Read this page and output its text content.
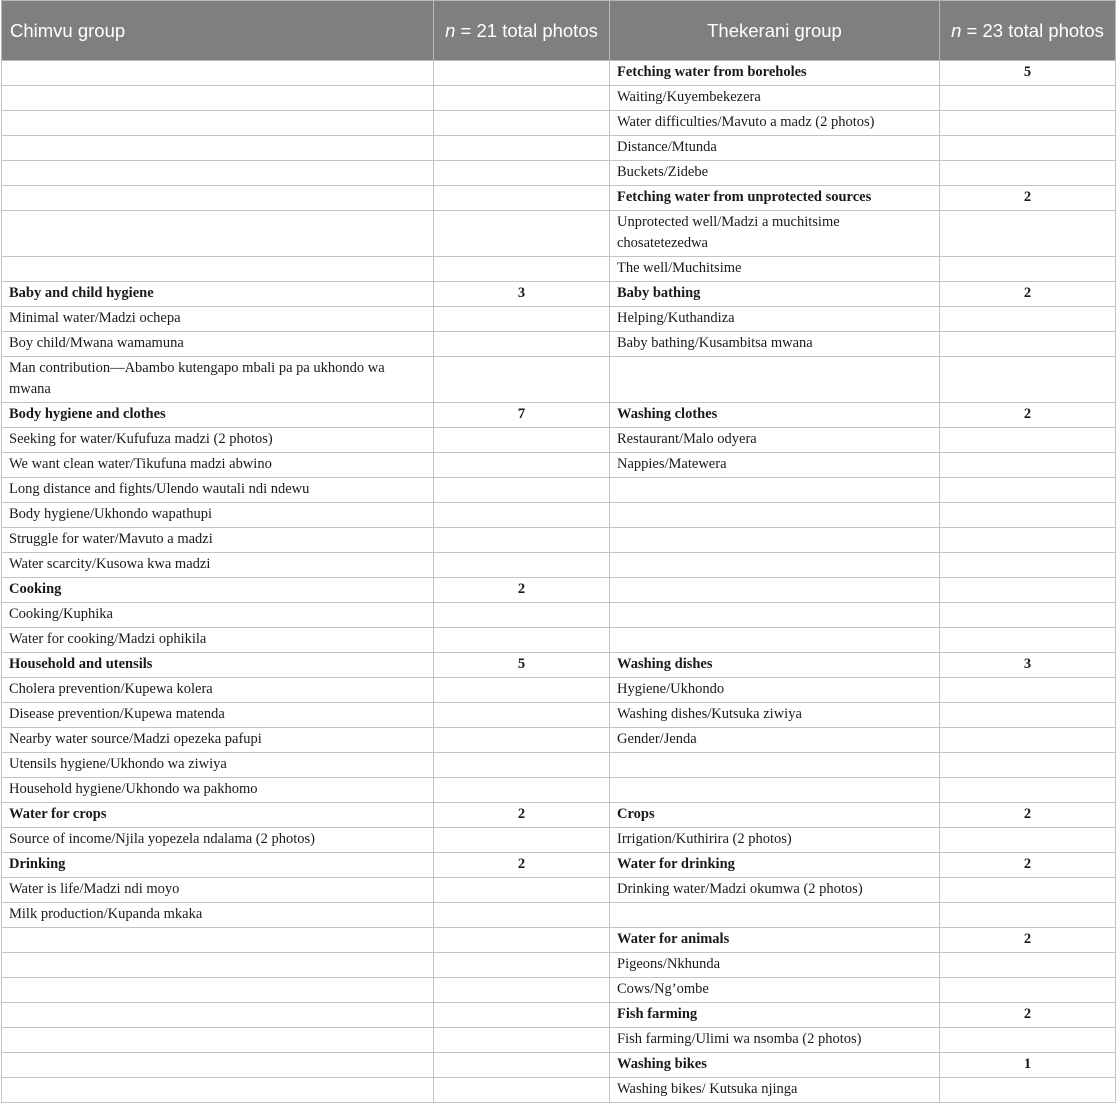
Chimvu group	n = 21 total photos	Thekerani group	n = 23 total photos
		Fetching water from boreholes	5
		Waiting/Kuyembekezera	
		Water difficulties/Mavuto a madz (2 photos)	
		Distance/Mtunda	
		Buckets/Zidebe	
		Fetching water from unprotected sources	2
		Unprotected well/Madzi a muchitsime chosatetezedwa	
		The well/Muchitsime	
Baby and child hygiene	3	Baby bathing	2
Minimal water/Madzi ochepa		Helping/Kuthandiza	
Boy child/Mwana wamamuna		Baby bathing/Kusambitsa mwana	
Man contribution—Abambo kutengapo mbali pa pa ukhondo wa mwana			
Body hygiene and clothes	7	Washing clothes	2
Seeking for water/Kufufuza madzi (2 photos)		Restaurant/Malo odyera	
We want clean water/Tikufuna madzi abwino		Nappies/Matewera	
Long distance and fights/Ulendo wautali ndi ndewu			
Body hygiene/Ukhondo wapathupi			
Struggle for water/Mavuto a madzi			
Water scarcity/Kusowa kwa madzi			
Cooking	2		
Cooking/Kuphika			
Water for cooking/Madzi ophikila			
Household and utensils	5	Washing dishes	3
Cholera prevention/Kupewa kolera		Hygiene/Ukhondo	
Disease prevention/Kupewa matenda		Washing dishes/Kutsuka ziwiya	
Nearby water source/Madzi opezeka pafupi		Gender/Jenda	
Utensils hygiene/Ukhondo wa ziwiya			
Household hygiene/Ukhondo wa pakhomo			
Water for crops	2	Crops	2
Source of income/Njila yopezela ndalama (2 photos)		Irrigation/Kuthirira (2 photos)	
Drinking	2	Water for drinking	2
Water is life/Madzi ndi moyo		Drinking water/Madzi okumwa (2 photos)	
Milk production/Kupanda mkaka			
		Water for animals	2
		Pigeons/Nkhunda	
		Cows/Ng’ombe	
		Fish farming	2
		Fish farming/Ulimi wa nsomba (2 photos)	
		Washing bikes	1
		Washing bikes/ Kutsuka njinga	
